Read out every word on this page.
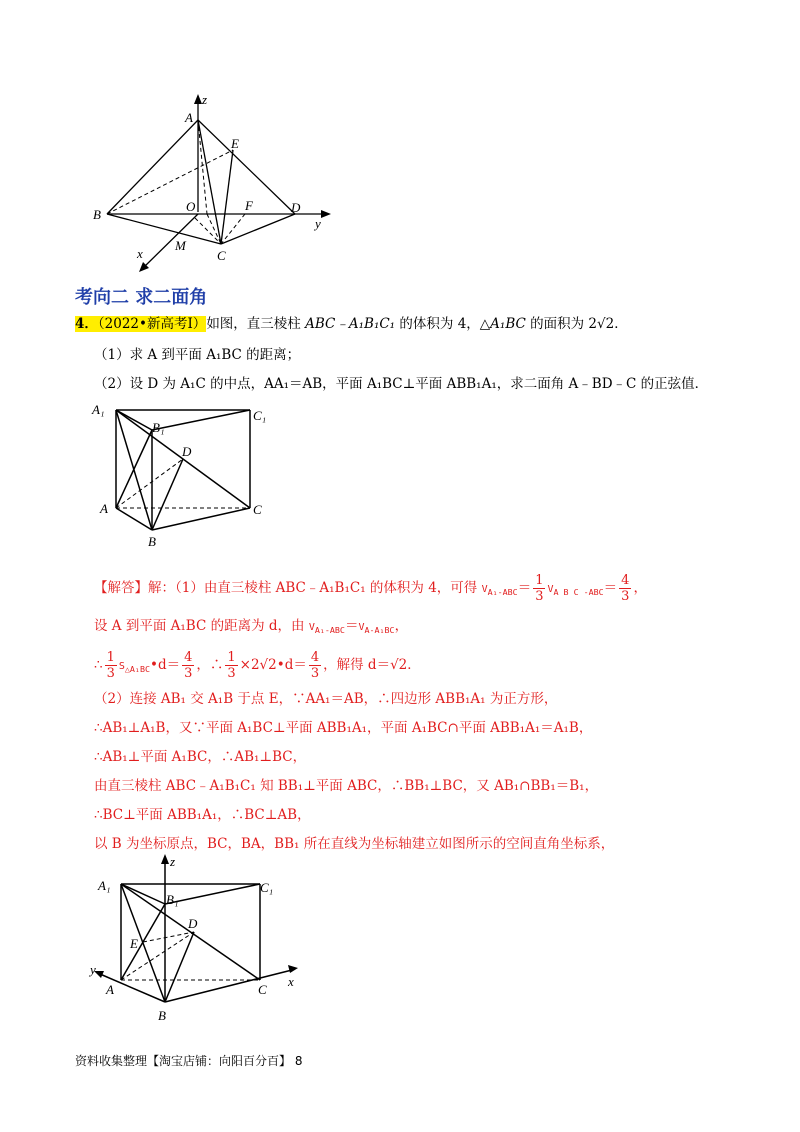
z
A
E
B
O	F	D
y
x
M
C
考向二 求二面角
4．（2022•新高考Ⅰ）如图，直三棱柱 ABC﹣A₁B₁C₁ 的体积为 4，△A₁BC 的面积为 2√2．
（1）求 A 到平面 A₁BC 的距离；
（2）设 D 为 A₁C 的中点，AA₁＝AB，平面 A₁BC⊥平面 ABB₁A₁，求二面角 A﹣BD﹣C 的正弦值．
A₁	C₁
B₁
D
A	C
B
【解答】解：（1）由直三棱柱 ABC﹣A₁B₁C₁ 的体积为 4，可得 $V_{A_1-ABC}= \frac{1}{3} V_{A B C -ABC}= \frac{4}{3}$ ，
设 A 到平面 A₁BC 的距离为 d，由 $V_{A_1-ABC}=V_{A-A_1BC}$，
∴ $\frac{1}{3}$ $S_{\triangle A_1BC}•d= \frac{4}{3}$ ，∴ $\frac{1}{3}$ ×2√2•d＝ $\frac{4}{3}$ ，解得 d＝√2．
（2）连接 AB₁ 交 A₁B 于点 E，∵AA₁＝AB，∴四边形 ABB₁A₁ 为正方形，
∴AB₁⊥A₁B，又∵平面 A₁BC⊥平面 ABB₁A₁，平面 A₁BC∩平面 ABB₁A₁＝A₁B，
∴AB₁⊥平面 A₁BC，∴AB₁⊥BC，
由直三棱柱 ABC﹣A₁B₁C₁ 知 BB₁⊥平面 ABC，∴BB₁⊥BC，又 AB₁∩BB₁＝B₁，
∴BC⊥平面 ABB₁A₁，∴BC⊥AB，
以 B 为坐标原点，BC，BA，BB₁ 所在直线为坐标轴建立如图所示的空间直角坐标系，
z
A₁
B₁
C₁
D
E
y
A	C
x
B
资料收集整理【淘宝店铺：向阳百分百】 8
